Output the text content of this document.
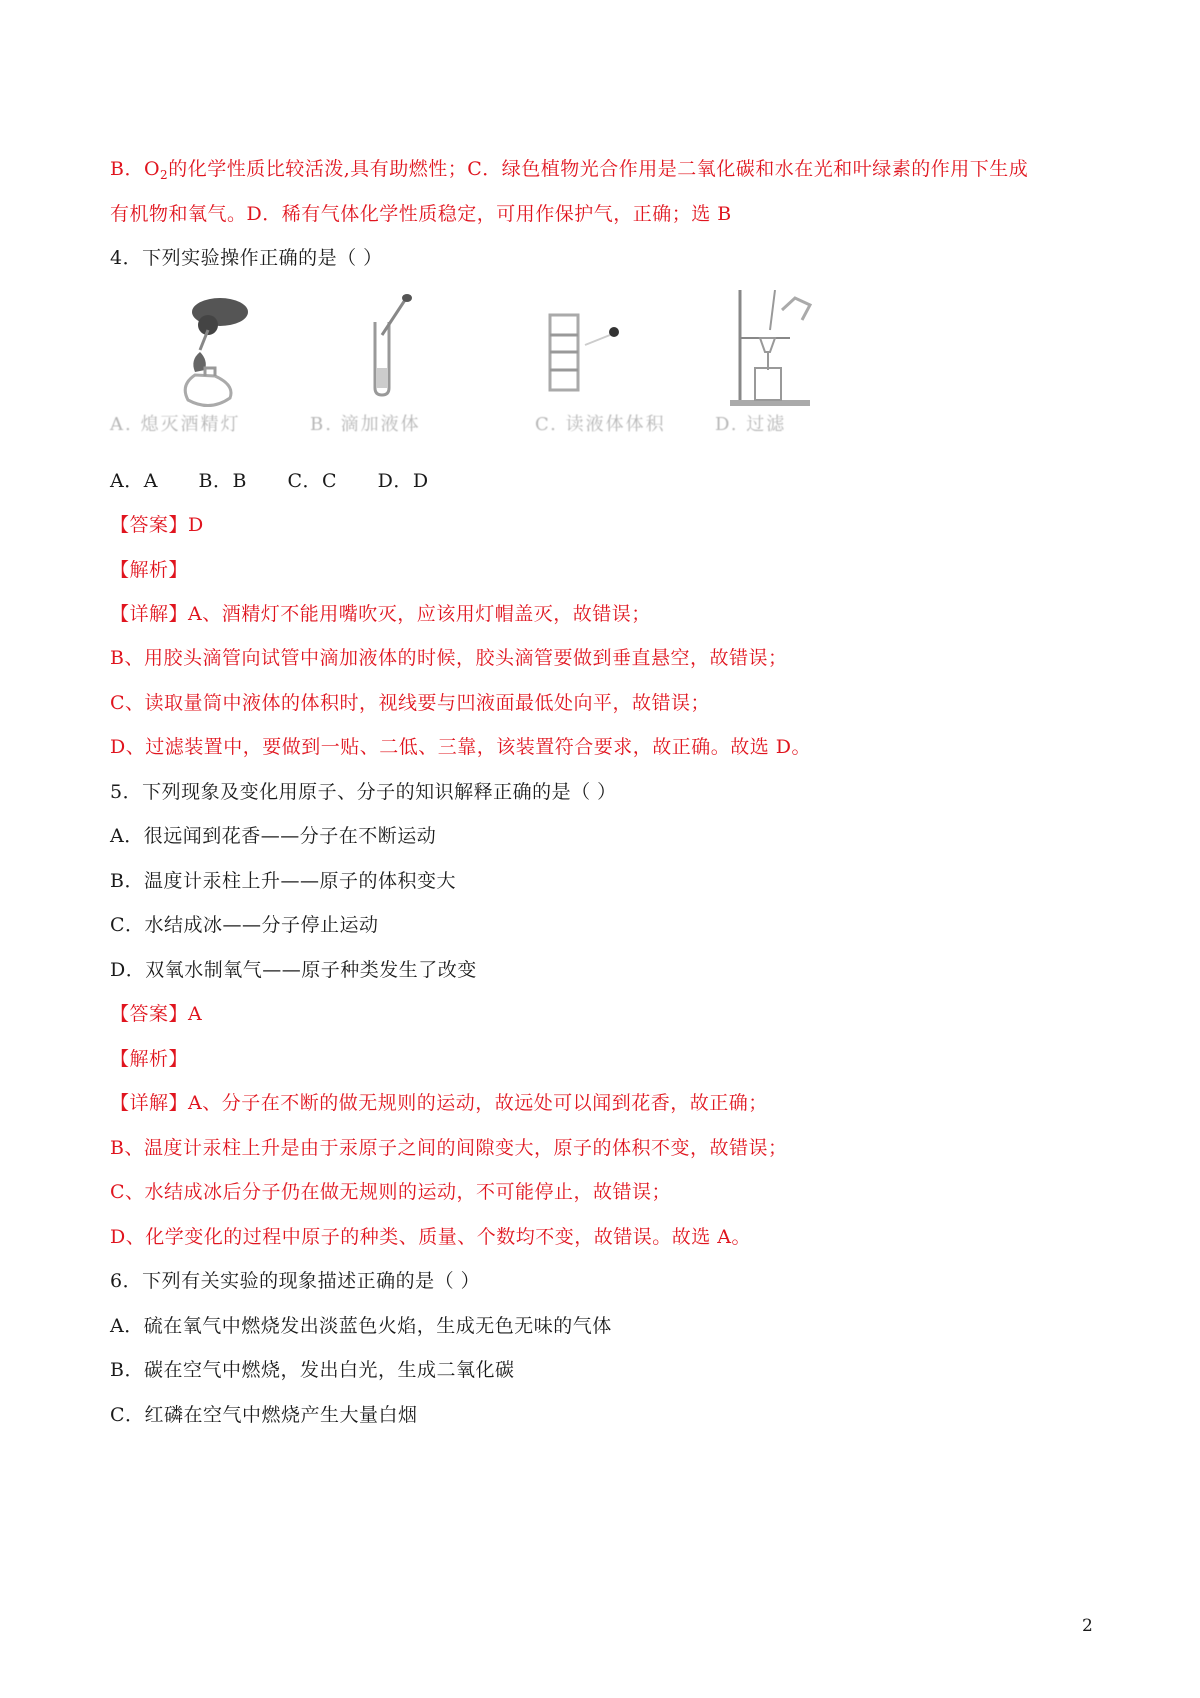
B．$O_2$的化学性质比较活泼,具有助燃性；C．绿色植物光合作用是二氧化碳和水在光和叶绿素的作用下生成
有机物和氧气。D．稀有气体化学性质稳定，可用作保护气，正确；选 B
4．下列实验操作正确的是（ ）
A. 熄灭酒精灯	B. 滴加液体	C. 读液体体积	D. 过滤
A．A B．B C．C D．D
【答案】D
【解析】
【详解】A、酒精灯不能用嘴吹灭，应该用灯帽盖灭，故错误；
B、用胶头滴管向试管中滴加液体的时候，胶头滴管要做到垂直悬空，故错误；
C、读取量筒中液体的体积时，视线要与凹液面最低处向平，故错误；
D、过滤装置中，要做到一贴、二低、三靠，该装置符合要求，故正确。故选 D。
5．下列现象及变化用原子、分子的知识解释正确的是（ ）
A．很远闻到花香——分子在不断运动
B．温度计汞柱上升——原子的体积变大
C．水结成冰——分子停止运动
D．双氧水制氧气——原子种类发生了改变
【答案】A
【解析】
【详解】A、分子在不断的做无规则的运动，故远处可以闻到花香，故正确；
B、温度计汞柱上升是由于汞原子之间的间隙变大，原子的体积不变，故错误；
C、水结成冰后分子仍在做无规则的运动，不可能停止，故错误；
D、化学变化的过程中原子的种类、质量、个数均不变，故错误。故选 A。
6．下列有关实验的现象描述正确的是（ ）
A．硫在氧气中燃烧发出淡蓝色火焰，生成无色无味的气体
B．碳在空气中燃烧，发出白光，生成二氧化碳
C．红磷在空气中燃烧产生大量白烟
2
